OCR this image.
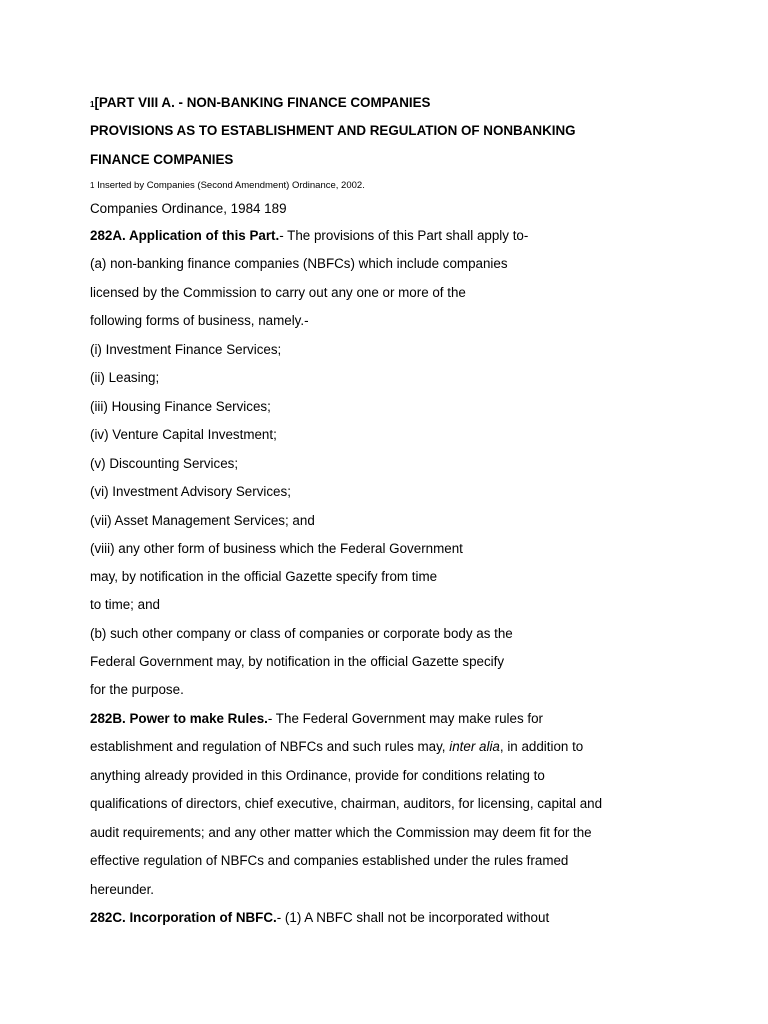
1[PART VIII A. - NON-BANKING FINANCE COMPANIES
PROVISIONS AS TO ESTABLISHMENT AND REGULATION OF NONBANKING
FINANCE COMPANIES
1 Inserted by Companies (Second Amendment) Ordinance, 2002.
Companies Ordinance, 1984 189
282A. Application of this Part.- The provisions of this Part shall apply to-
(a) non-banking finance companies (NBFCs) which include companies
licensed by the Commission to carry out any one or more of the
following forms of business, namely.-
(i) Investment Finance Services;
(ii) Leasing;
(iii) Housing Finance Services;
(iv) Venture Capital Investment;
(v) Discounting Services;
(vi) Investment Advisory Services;
(vii) Asset Management Services; and
(viii) any other form of business which the Federal Government
may, by notification in the official Gazette specify from time
to time; and
(b) such other company or class of companies or corporate body as the
Federal Government may, by notification in the official Gazette specify
for the purpose.
282B. Power to make Rules.- The Federal Government may make rules for
establishment and regulation of NBFCs and such rules may, inter alia, in addition to
anything already provided in this Ordinance, provide for conditions relating to
qualifications of directors, chief executive, chairman, auditors, for licensing, capital and
audit requirements; and any other matter which the Commission may deem fit for the
effective regulation of NBFCs and companies established under the rules framed
hereunder.
282C. Incorporation of NBFC.- (1) A NBFC shall not be incorporated without
